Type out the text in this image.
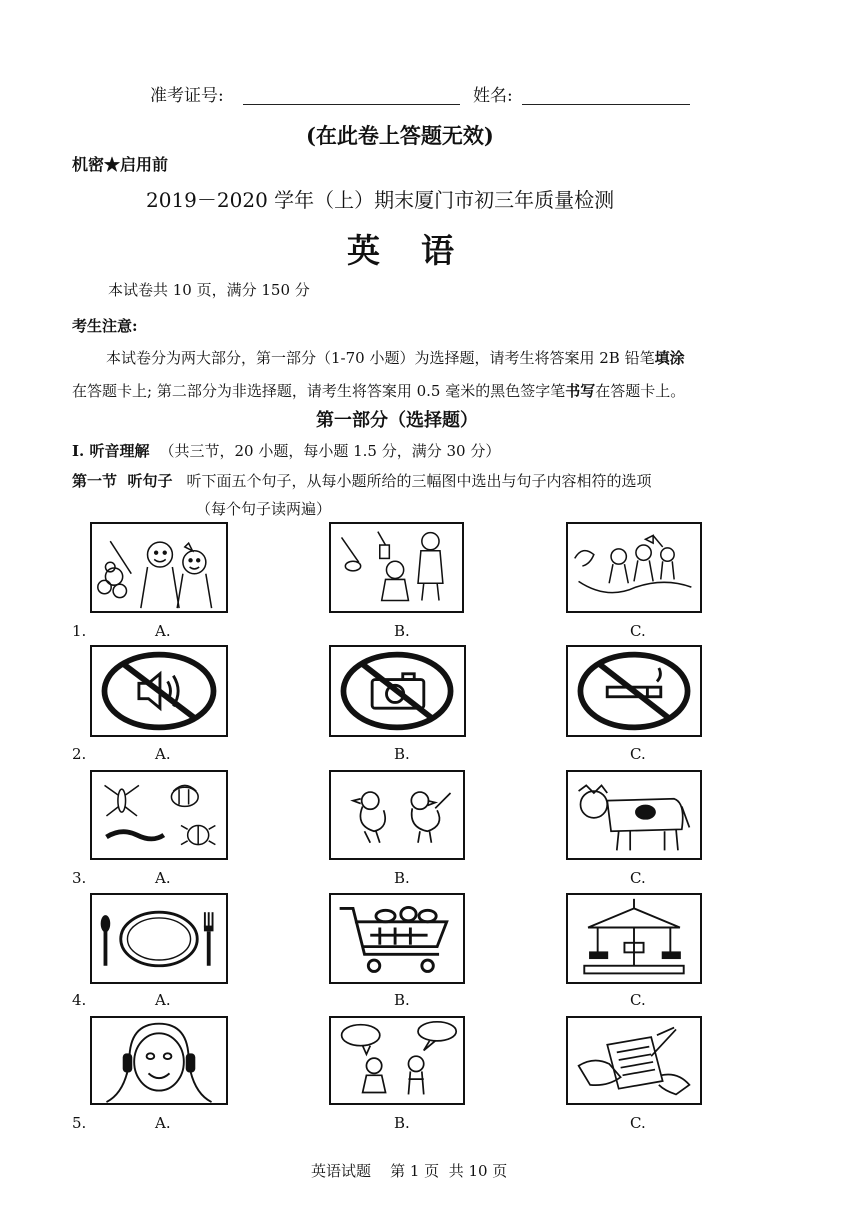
准考证号:	姓名:
(在此卷上答题无效)
机密★启用前
2019－2020 学年（上）期末厦门市初三年质量检测
英  语
本试卷共 10 页，满分 150 分
考生注意:
本试卷分为两大部分，第一部分（1-70 小题）为选择题，请考生将答案用 2B 铅笔填涂
在答题卡上; 第二部分为非选择题，请考生将答案用 0.5 毫米的黑色签字笔书写在答题卡上。
第一部分（选择题）
I. 听音理解 （共三节，20 小题，每小题 1.5 分，满分 30 分）
第一节  听句子 听下面五个句子，从每小题所给的三幅图中选出与句子内容相符的选项
（每个句子读两遍）
1.	A.	B.	C.
2.	A.	B.	C.
3.	A.	B.	C.
4.	A.	B.	C.
5.	A.	B.	C.
英语试题    第 1 页  共 10 页
